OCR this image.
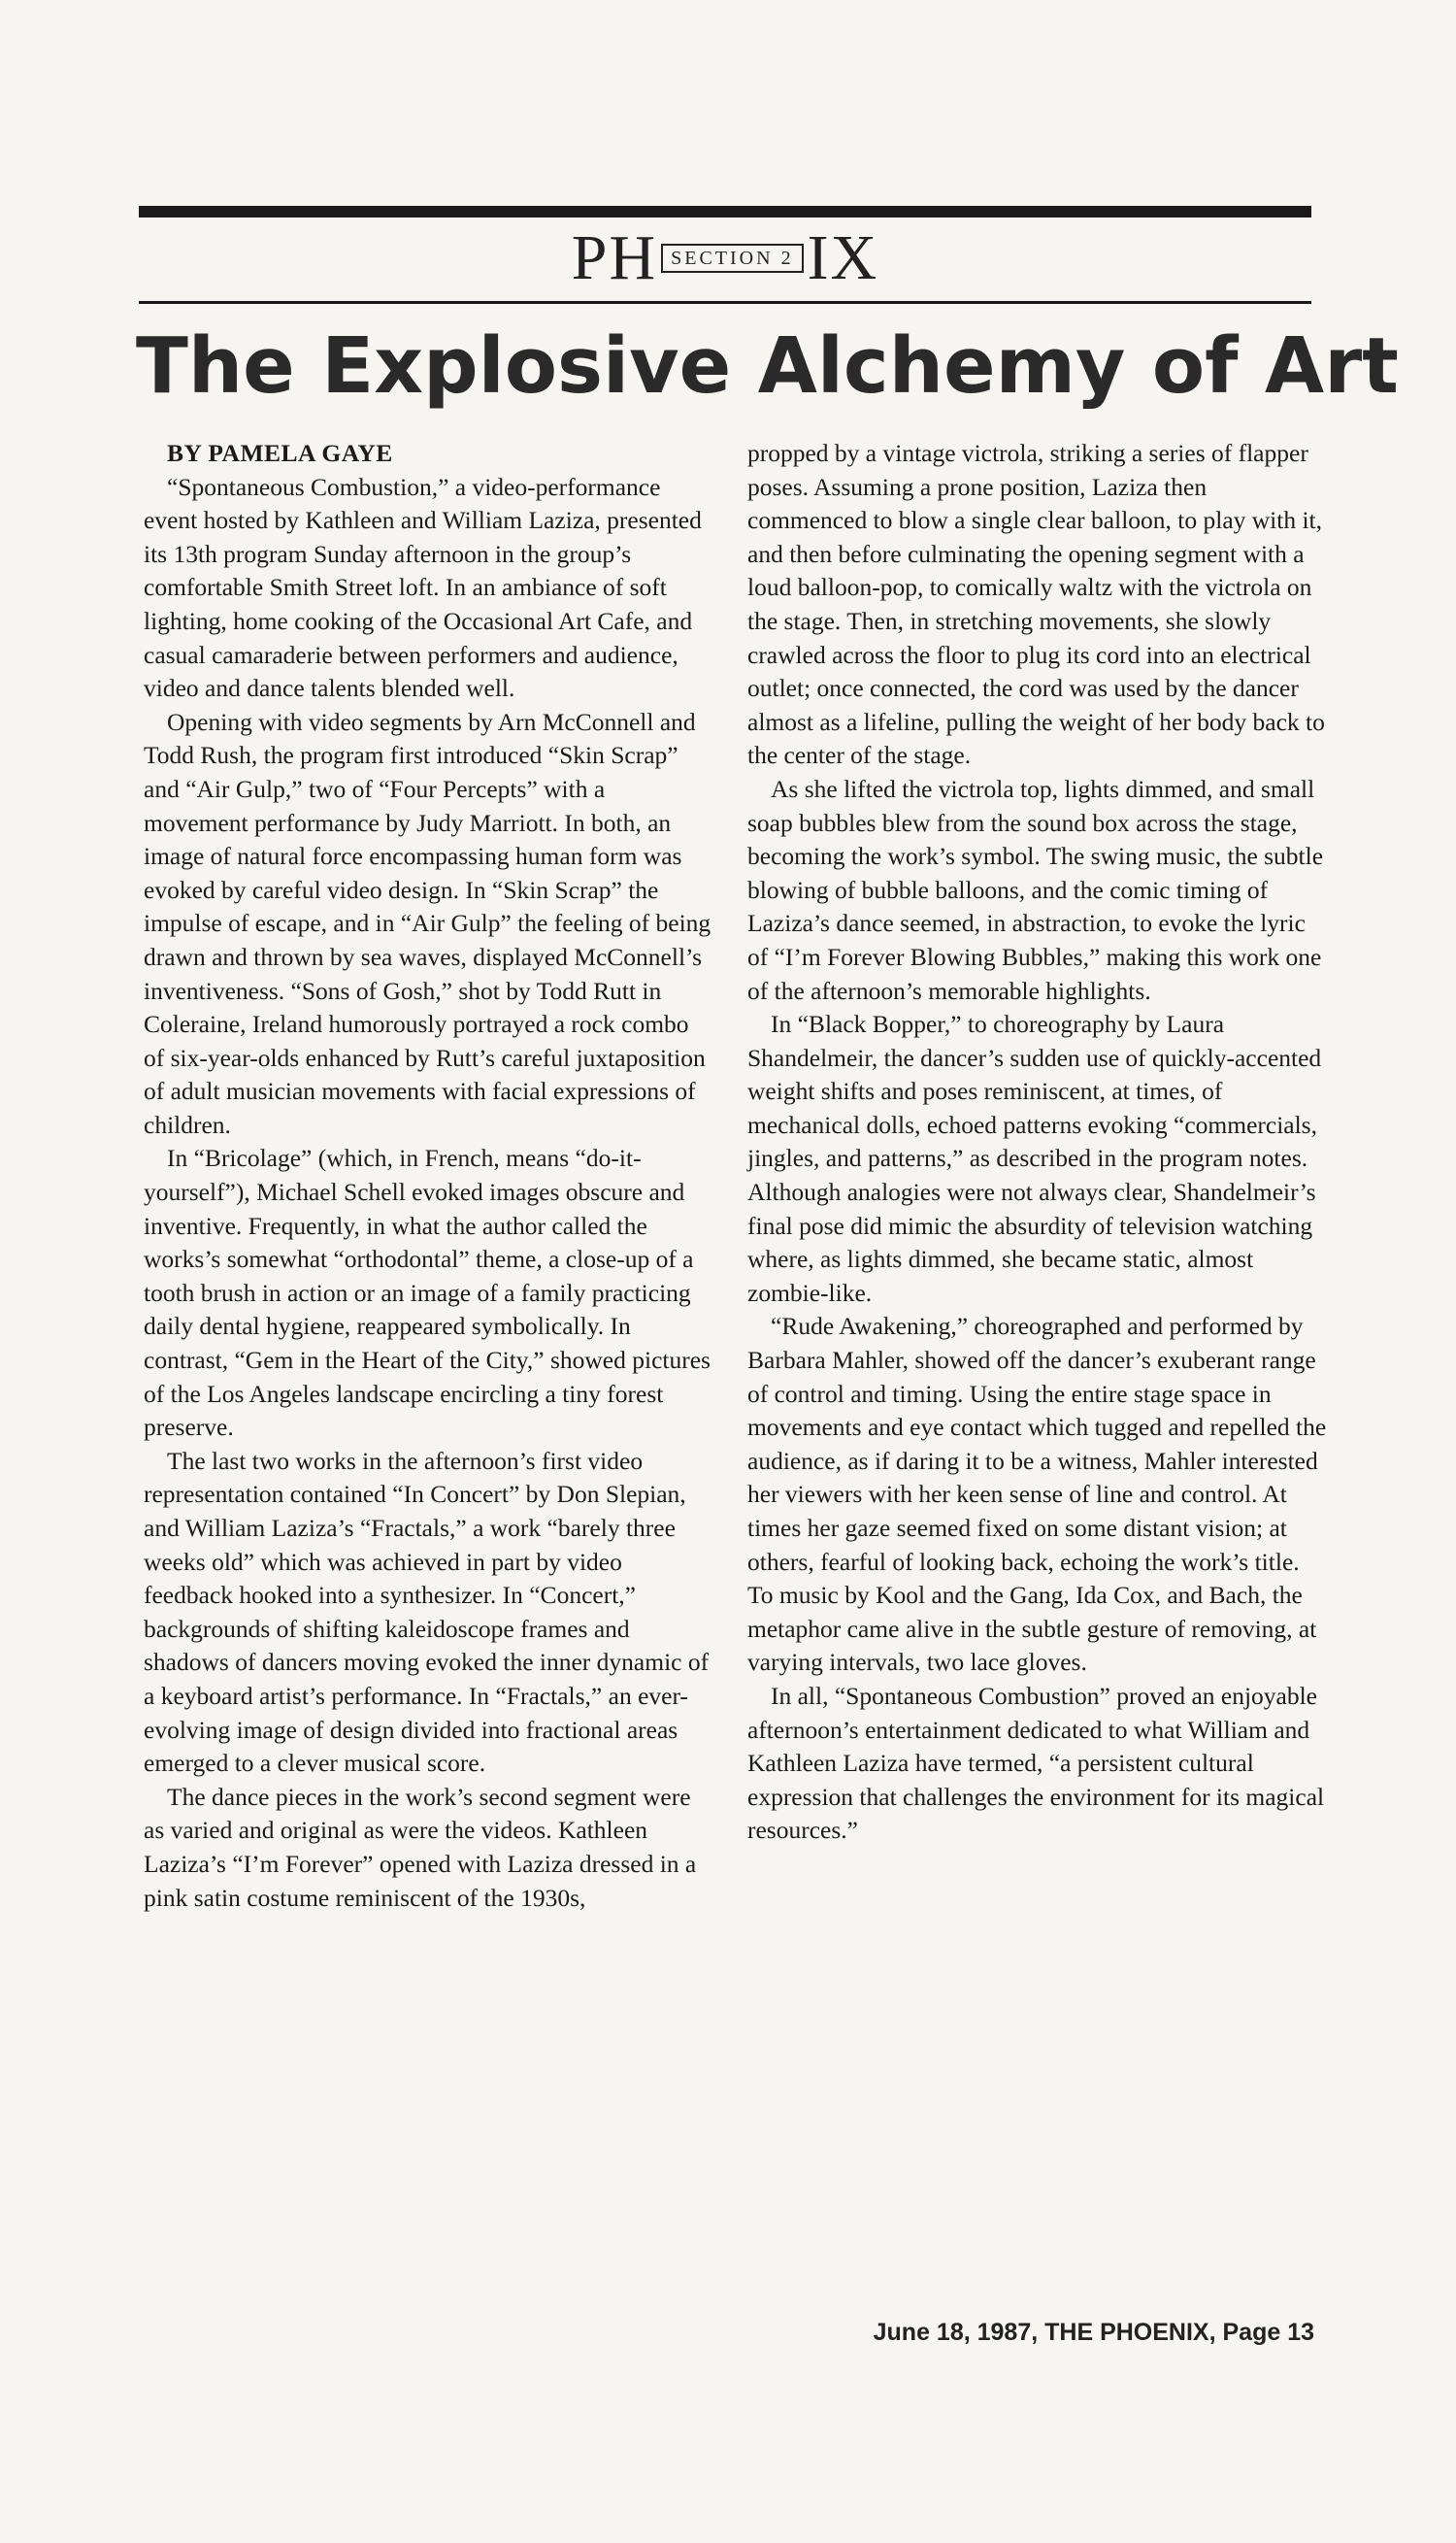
PH SECTION 2 IX
The Explosive Alchemy of Art

BY PAMELA GAYE

“Spontaneous Combustion,” a video-performance event hosted by Kathleen and William Laziza, presented its 13th program Sunday afternoon in the group’s comfortable Smith Street loft. In an ambiance of soft lighting, home cooking of the Occasional Art Cafe, and casual camaraderie between performers and audience, video and dance talents blended well.

Opening with video segments by Arn McConnell and Todd Rush, the program first introduced “Skin Scrap” and “Air Gulp,” two of “Four Percepts” with a movement performance by Judy Marriott. In both, an image of natural force encompassing human form was evoked by careful video design. In “Skin Scrap” the impulse of escape, and in “Air Gulp” the feeling of being drawn and thrown by sea waves, displayed McConnell’s inventiveness. “Sons of Gosh,” shot by Todd Rutt in Coleraine, Ireland humorously portrayed a rock combo of six-year-olds enhanced by Rutt’s careful juxtaposition of adult musician movements with facial expressions of children.

In “Bricolage” (which, in French, means “do-it-yourself”), Michael Schell evoked images obscure and inventive. Frequently, in what the author called the works’s somewhat “orthodontal” theme, a close-up of a tooth brush in action or an image of a family practicing daily dental hygiene, reappeared symbolically. In contrast, “Gem in the Heart of the City,” showed pictures of the Los Angeles landscape encircling a tiny forest preserve.

The last two works in the afternoon’s first video representation contained “In Concert” by Don Slepian, and William Laziza’s “Fractals,” a work “barely three weeks old” which was achieved in part by video feedback hooked into a synthesizer. In “Concert,” backgrounds of shifting kaleidoscope frames and shadows of dancers moving evoked the inner dynamic of a keyboard artist’s performance. In “Fractals,” an ever-evolving image of design divided into fractional areas emerged to a clever musical score.

The dance pieces in the work’s second segment were as varied and original as were the videos. Kathleen Laziza’s “I’m Forever” opened with Laziza dressed in a pink satin costume reminiscent of the 1930s,

propped by a vintage victrola, striking a series of flapper poses. Assuming a prone position, Laziza then commenced to blow a single clear balloon, to play with it, and then before culminating the opening segment with a loud balloon-pop, to comically waltz with the victrola on the stage. Then, in stretching movements, she slowly crawled across the floor to plug its cord into an electrical outlet; once connected, the cord was used by the dancer almost as a lifeline, pulling the weight of her body back to the center of the stage.

As she lifted the victrola top, lights dimmed, and small soap bubbles blew from the sound box across the stage, becoming the work’s symbol. The swing music, the subtle blowing of bubble balloons, and the comic timing of Laziza’s dance seemed, in abstraction, to evoke the lyric of “I’m Forever Blowing Bubbles,” making this work one of the afternoon’s memorable highlights.

In “Black Bopper,” to choreography by Laura Shandelmeir, the dancer’s sudden use of quickly-accented weight shifts and poses reminiscent, at times, of mechanical dolls, echoed patterns evoking “commercials, jingles, and patterns,” as described in the program notes. Although analogies were not always clear, Shandelmeir’s final pose did mimic the absurdity of television watching where, as lights dimmed, she became static, almost zombie-like.

“Rude Awakening,” choreographed and performed by Barbara Mahler, showed off the dancer’s exuberant range of control and timing. Using the entire stage space in movements and eye contact which tugged and repelled the audience, as if daring it to be a witness, Mahler interested her viewers with her keen sense of line and control. At times her gaze seemed fixed on some distant vision; at others, fearful of looking back, echoing the work’s title. To music by Kool and the Gang, Ida Cox, and Bach, the metaphor came alive in the subtle gesture of removing, at varying intervals, two lace gloves.

In all, “Spontaneous Combustion” proved an enjoyable afternoon’s entertainment dedicated to what William and Kathleen Laziza have termed, “a persistent cultural expression that challenges the environment for its magical resources.”

June 18, 1987, THE PHOENIX, Page 13
